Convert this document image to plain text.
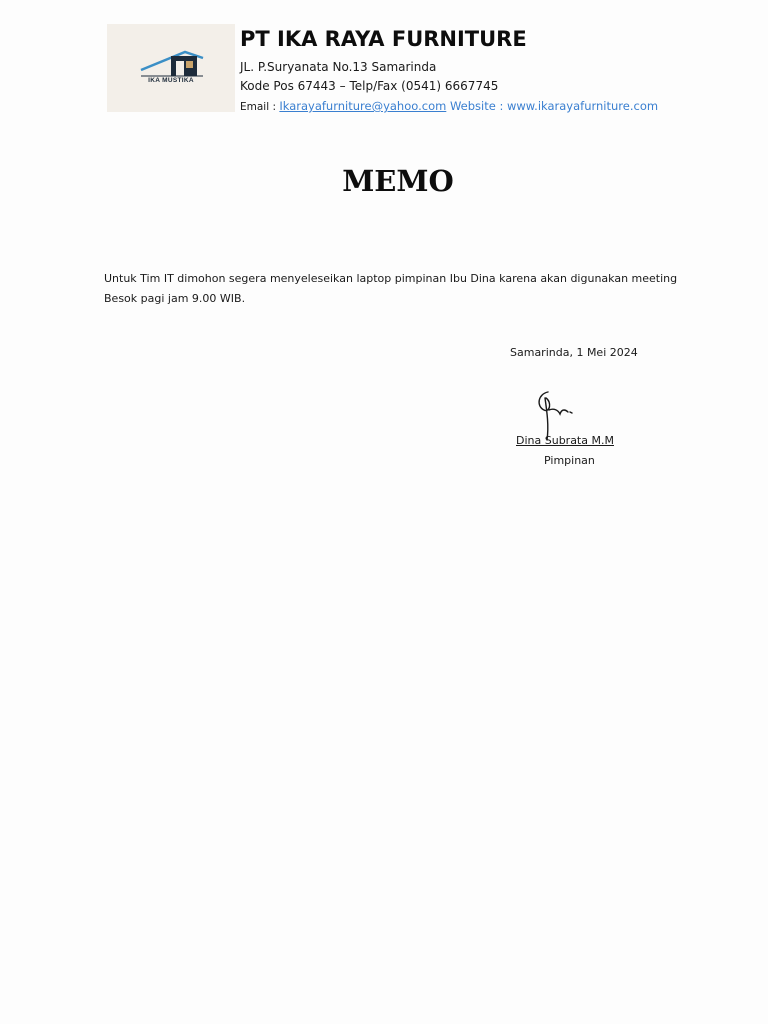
IKA MUSTIKA
PT IKA RAYA FURNITURE
JL. P.Suryanata No.13 Samarinda
Kode Pos 67443 – Telp/Fax (0541) 6667745
Email : Ikarayafurniture@yahoo.com Website : www.ikarayafurniture.com
MEMO
Untuk Tim IT dimohon segera menyeleseikan laptop pimpinan Ibu Dina karena akan digunakan meeting
Besok pagi jam 9.00 WIB.
Samarinda, 1 Mei 2024
Dina Subrata M.M
Pimpinan
